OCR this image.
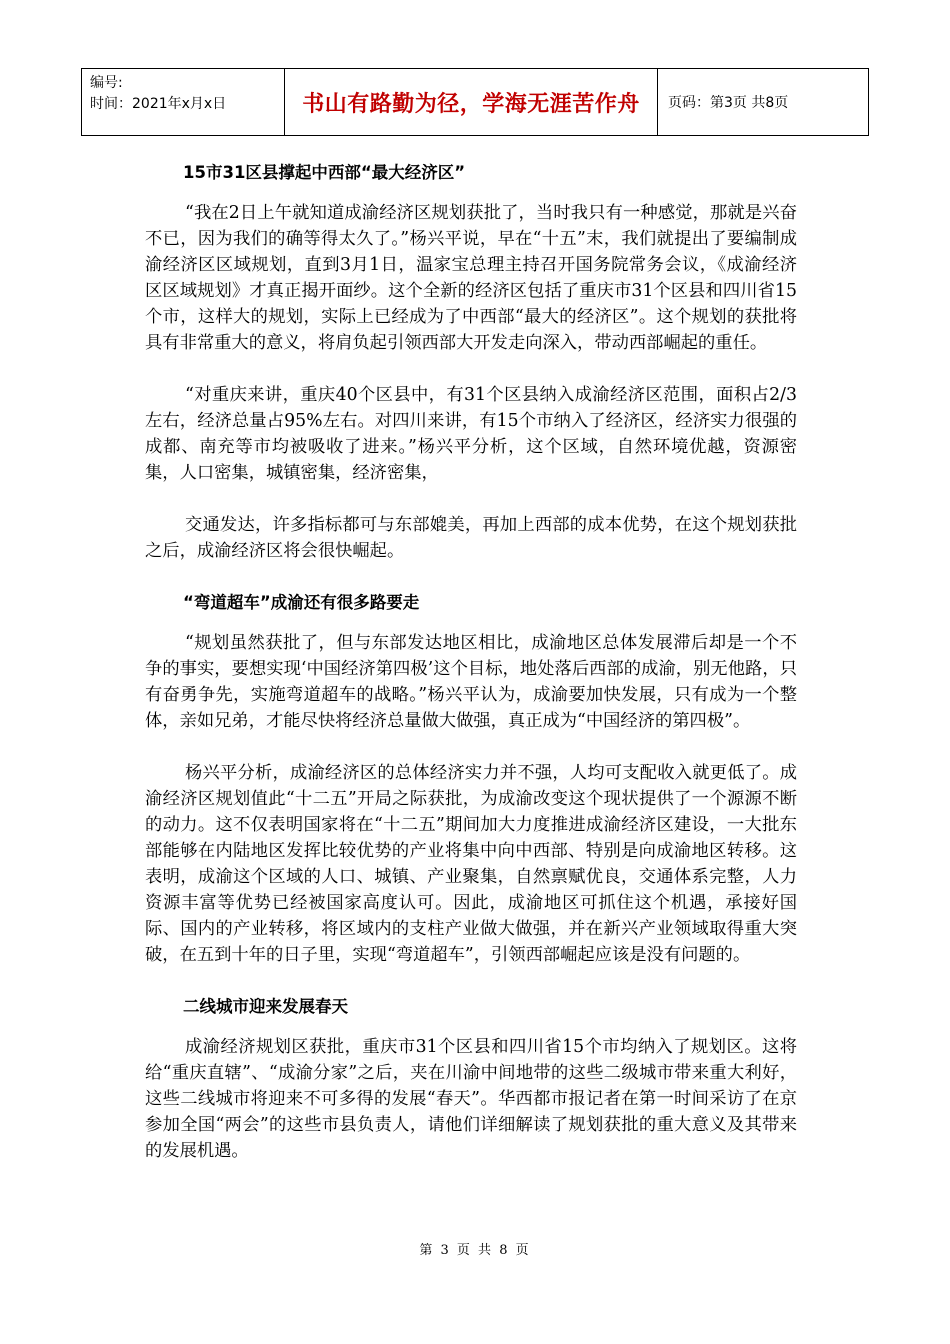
编号:
时间：2021年x月x日	书山有路勤为径，学海无涯苦作舟 页码：第3页 共8页
15市31区县撑起中西部“最大经济区”

“我在2日上午就知道成渝经济区规划获批了，当时我只有一种感觉，那就是兴奋不已，因为我们的确等得太久了。”杨兴平说，早在“十五”末，我们就提出了要编制成渝经济区区域规划，直到3月1日，温家宝总理主持召开国务院常务会议，《成渝经济区区域规划》才真正揭开面纱。这个全新的经济区包括了重庆市31个区县和四川省15个市，这样大的规划，实际上已经成为了中西部“最大的经济区”。这个规划的获批将具有非常重大的意义，将肩负起引领西部大开发走向深入，带动西部崛起的重任。

“对重庆来讲，重庆40个区县中，有31个区县纳入成渝经济区范围，面积占2/3左右，经济总量占95%左右。对四川来讲，有15个市纳入了经济区，经济实力很强的成都、南充等市均被吸收了进来。”杨兴平分析，这个区域，自然环境优越，资源密集，人口密集，城镇密集，经济密集，

交通发达，许多指标都可与东部媲美，再加上西部的成本优势，在这个规划获批之后，成渝经济区将会很快崛起。

“弯道超车”成渝还有很多路要走

“规划虽然获批了，但与东部发达地区相比，成渝地区总体发展滞后却是一个不争的事实，要想实现‘中国经济第四极’这个目标，地处落后西部的成渝，别无他路，只有奋勇争先，实施弯道超车的战略。”杨兴平认为，成渝要加快发展，只有成为一个整体，亲如兄弟，才能尽快将经济总量做大做强，真正成为“中国经济的第四极”。

杨兴平分析，成渝经济区的总体经济实力并不强，人均可支配收入就更低了。成渝经济区规划值此“十二五”开局之际获批，为成渝改变这个现状提供了一个源源不断的动力。这不仅表明国家将在“十二五”期间加大力度推进成渝经济区建设，一大批东部能够在内陆地区发挥比较优势的产业将集中向中西部、特别是向成渝地区转移。这表明，成渝这个区域的人口、城镇、产业聚集，自然禀赋优良，交通体系完整，人力资源丰富等优势已经被国家高度认可。因此，成渝地区可抓住这个机遇，承接好国际、国内的产业转移，将区域内的支柱产业做大做强，并在新兴产业领域取得重大突破，在五到十年的日子里，实现“弯道超车”，引领西部崛起应该是没有问题的。

二线城市迎来发展春天

成渝经济规划区获批，重庆市31个区县和四川省15个市均纳入了规划区。这将给“重庆直辖”、“成渝分家”之后，夹在川渝中间地带的这些二级城市带来重大利好，这些二线城市将迎来不可多得的发展“春天”。华西都市报记者在第一时间采访了在京参加全国“两会”的这些市县负责人，请他们详细解读了规划获批的重大意义及其带来的发展机遇。

第 3 页 共 8 页
